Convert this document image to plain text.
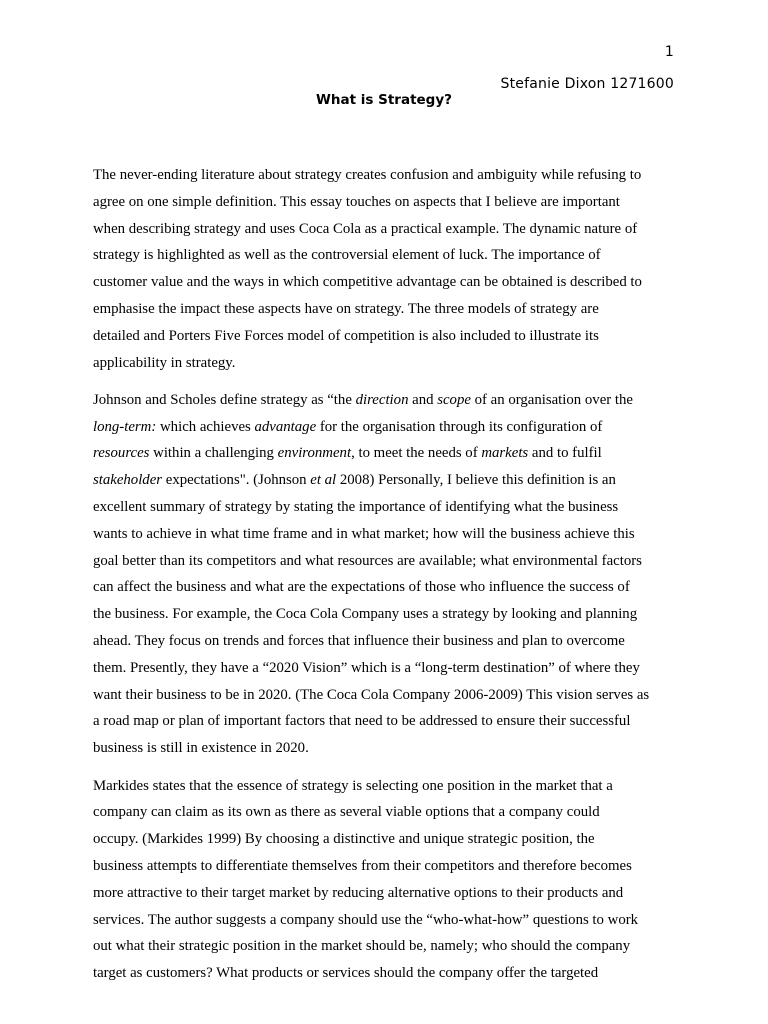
1
Stefanie Dixon 1271600
What is Strategy?
The never-ending literature about strategy creates confusion and ambiguity while refusing to
agree on one simple definition. This essay touches on aspects that I believe are important
when describing strategy and uses Coca Cola as a practical example. The dynamic nature of
strategy is highlighted as well as the controversial element of luck. The importance of
customer value and the ways in which competitive advantage can be obtained is described to
emphasise the impact these aspects have on strategy. The three models of strategy are
detailed and Porters Five Forces model of competition is also included to illustrate its
applicability in strategy.
Johnson and Scholes define strategy as “the direction and scope of an organisation over the
long-term: which achieves advantage for the organisation through its configuration of
resources within a challenging environment, to meet the needs of markets and to fulfil
stakeholder expectations". (Johnson et al 2008) Personally, I believe this definition is an
excellent summary of strategy by stating the importance of identifying what the business
wants to achieve in what time frame and in what market; how will the business achieve this
goal better than its competitors and what resources are available; what environmental factors
can affect the business and what are the expectations of those who influence the success of
the business. For example, the Coca Cola Company uses a strategy by looking and planning
ahead. They focus on trends and forces that influence their business and plan to overcome
them. Presently, they have a “2020 Vision” which is a “long-term destination” of where they
want their business to be in 2020. (The Coca Cola Company 2006-2009) This vision serves as
a road map or plan of important factors that need to be addressed to ensure their successful
business is still in existence in 2020.
Markides states that the essence of strategy is selecting one position in the market that a
company can claim as its own as there as several viable options that a company could
occupy. (Markides 1999) By choosing a distinctive and unique strategic position, the
business attempts to differentiate themselves from their competitors and therefore becomes
more attractive to their target market by reducing alternative options to their products and
services. The author suggests a company should use the “who-what-how” questions to work
out what their strategic position in the market should be, namely; who should the company
target as customers? What products or services should the company offer the targeted
